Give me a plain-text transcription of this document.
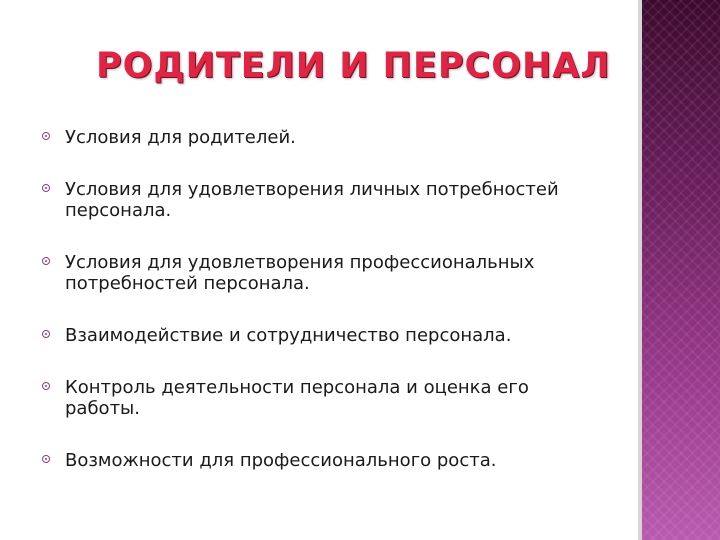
РОДИТЕЛИ И ПЕРСОНАЛ
Условия для родителей.
Условия для удовлетворения личных потребностей персонала.
Условия для удовлетворения профессиональных потребностей персонала.
Взаимодействие и сотрудничество персонала.
Контроль деятельности персонала и оценка его работы.
Возможности для профессионального роста.
